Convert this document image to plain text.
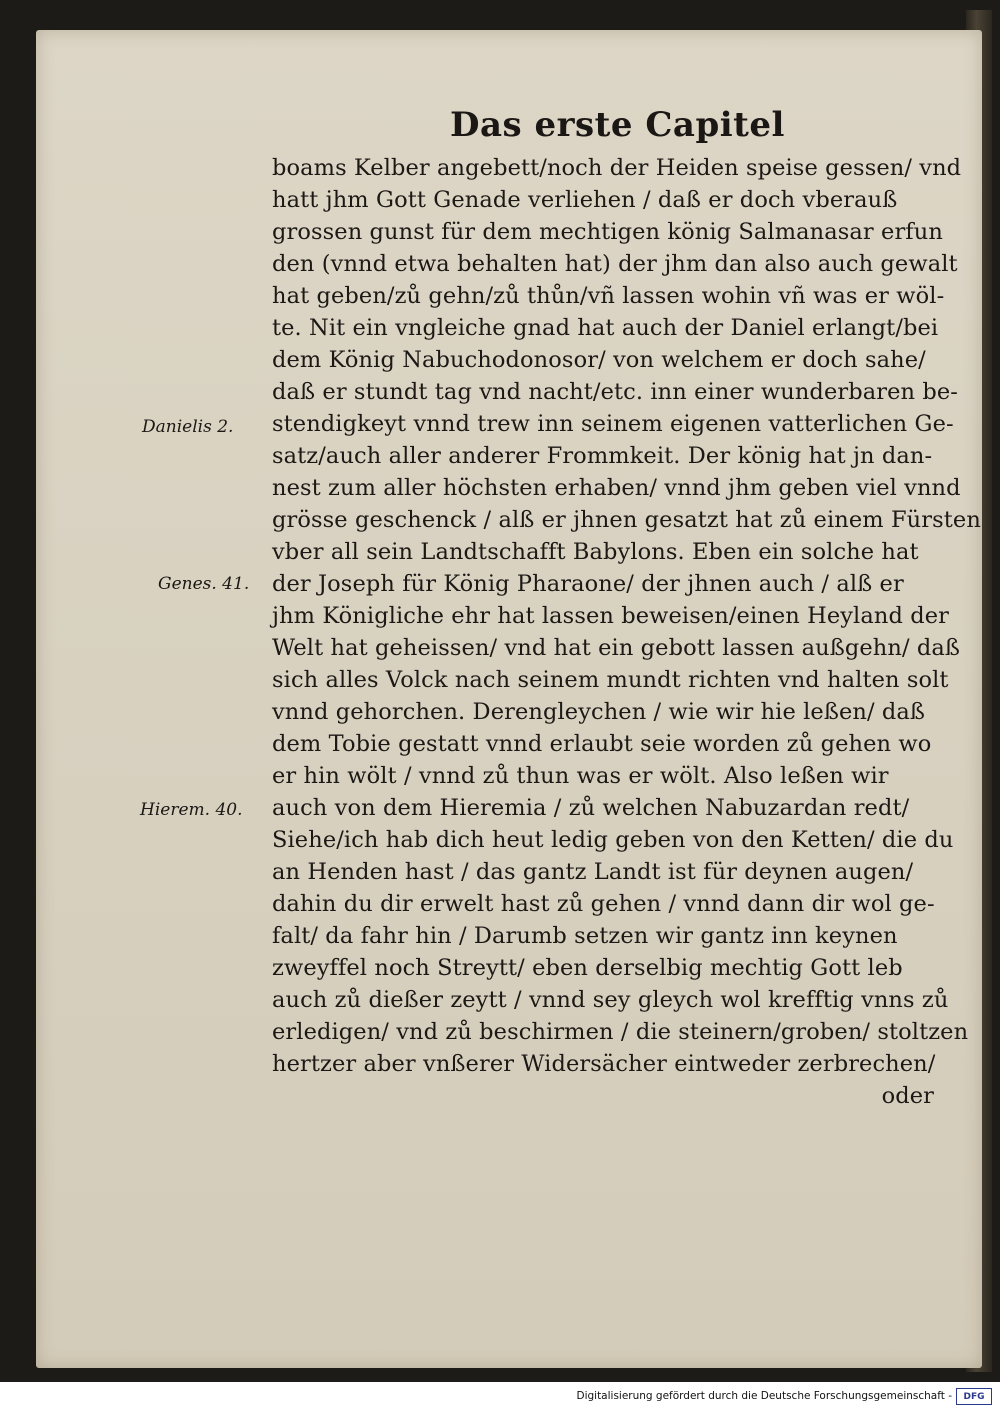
Das erste Capitel
boams Kelber angebett/noch der Heiden speise gessen/ vnd
hatt jhm Gott Genade verliehen / daß er doch vberauß
grossen gunst für dem mechtigen könig Salmanasar erfun
den (vnnd etwa behalten hat) der jhm dan also auch gewalt
hat geben/zů gehn/zů thůn/vñ lassen wohin vñ was er wöl-
te. Nit ein vngleiche gnad hat auch der Daniel erlangt/bei
dem König Nabuchodonosor/ von welchem er doch sahe/
daß er stundt tag vnd nacht/etc. inn einer wunderbaren be-
stendigkeyt vnnd trew inn seinem eigenen vatterlichen Ge-
satz/auch aller anderer Frommkeit. Der könig hat jn dan-
nest zum aller höchsten erhaben/ vnnd jhm geben viel vnnd
grösse geschenck / alß er jhnen gesatzt hat zů einem Fürsten
vber all sein Landtschafft Babylons. Eben ein solche hat
der Joseph für König Pharaone/ der jhnen auch / alß er
jhm Königliche ehr hat lassen beweisen/einen Heyland der
Welt hat geheissen/ vnd hat ein gebott lassen außgehn/ daß
sich alles Volck nach seinem mundt richten vnd halten solt
vnnd gehorchen. Derengleychen / wie wir hie leßen/ daß
dem Tobie gestatt vnnd erlaubt seie worden zů gehen wo
er hin wölt / vnnd zů thun was er wölt. Also leßen wir
auch von dem Hieremia / zů welchen Nabuzardan redt/
Siehe/ich hab dich heut ledig geben von den Ketten/ die du
an Henden hast / das gantz Landt ist für deynen augen/
dahin du dir erwelt hast zů gehen / vnnd dann dir wol ge-
falt/ da fahr hin / Darumb setzen wir gantz inn keynen
zweyffel noch Streytt/ eben derselbig mechtig Gott leb
auch zů dießer zeytt / vnnd sey gleych wol krefftig vnns zů
erledigen/ vnd zů beschirmen / die steinern/groben/ stoltzen
hertzer aber vnßerer Widersächer eintweder zerbrechen/
oder
Danielis 2.
Genes. 41.
Hierem. 40.
Digitalisierung gefördert durch die Deutsche Forschungsgemeinschaft -	DFG
